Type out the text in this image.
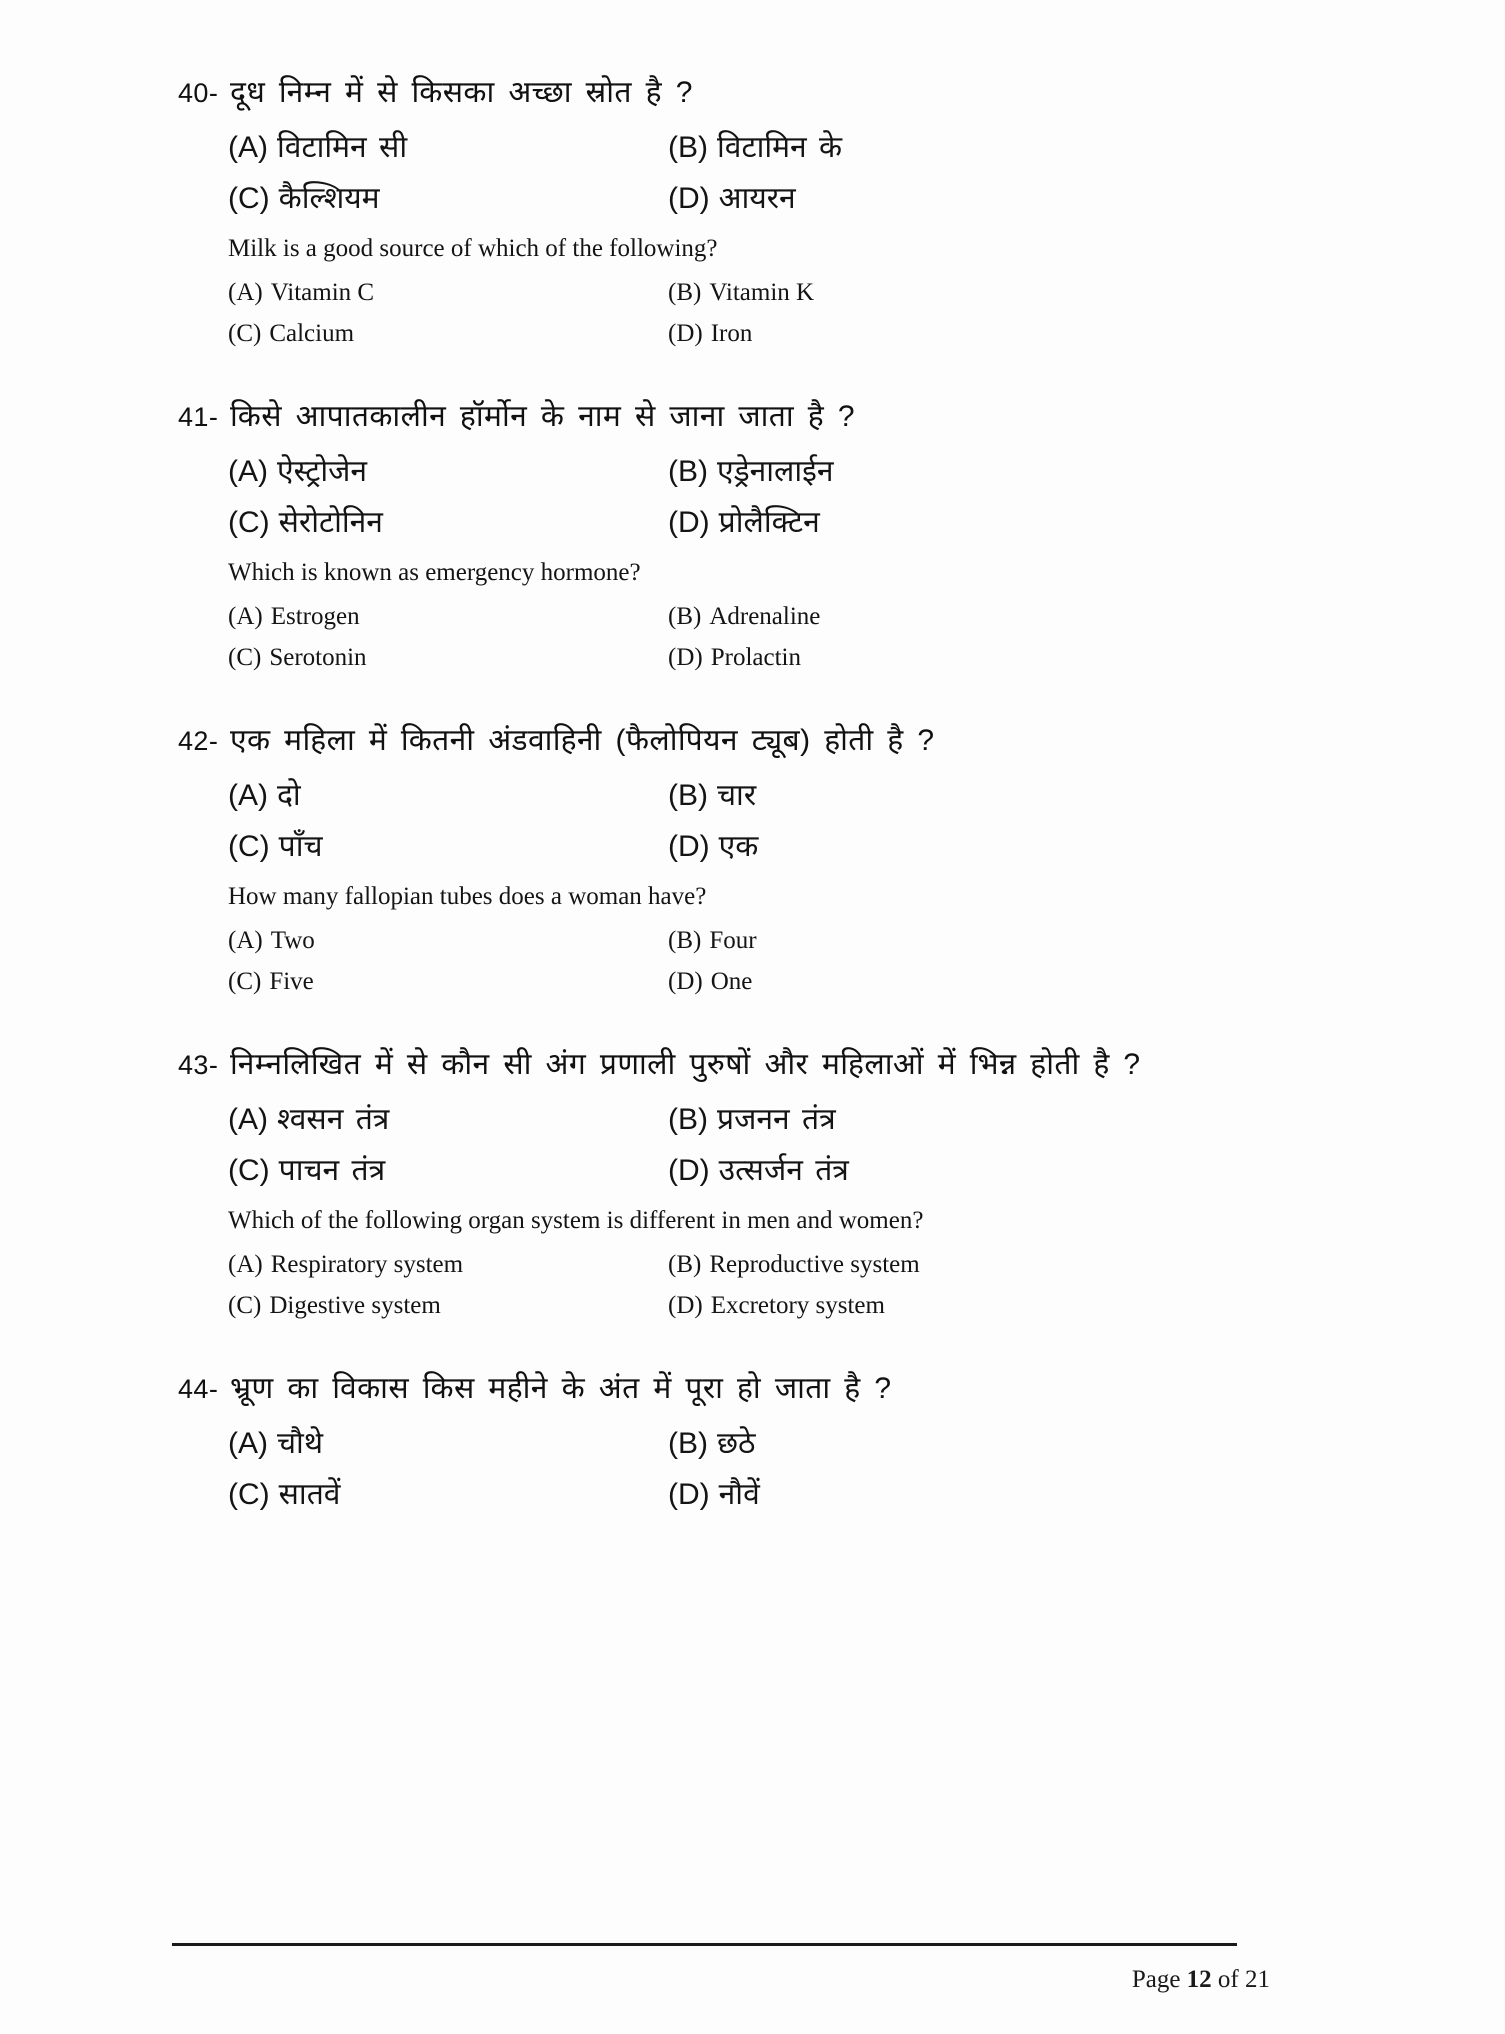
40- दूध निम्न में से किसका अच्छा स्रोत है ?
(A) विटामिन सी	(B) विटामिन के
(C) कैल्शियम	(D) आयरन
Milk is a good source of which of the following?
(A) Vitamin C	(B) Vitamin K
(C) Calcium	(D) Iron
41- किसे आपातकालीन हॉर्मोन के नाम से जाना जाता है ?
(A) ऐस्ट्रोजेन	(B) एड्रेनालाईन
(C) सेरोटोनिन	(D) प्रोलैक्टिन
Which is known as emergency hormone?
(A) Estrogen	(B) Adrenaline
(C) Serotonin	(D) Prolactin
42- एक महिला में कितनी अंडवाहिनी (फैलोपियन ट्यूब) होती है ?
(A) दो	(B) चार
(C) पाँच	(D) एक
How many fallopian tubes does a woman have?
(A) Two	(B) Four
(C) Five	(D) One
43- निम्नलिखित में से कौन सी अंग प्रणाली पुरुषों और महिलाओं में भिन्न होती है ?
(A) श्वसन तंत्र	(B) प्रजनन तंत्र
(C) पाचन तंत्र	(D) उत्सर्जन तंत्र
Which of the following organ system is different in men and women?
(A) Respiratory system	(B) Reproductive system
(C) Digestive system	(D) Excretory system
44- भ्रूण का विकास किस महीने के अंत में पूरा हो जाता है ?
(A) चौथे	(B) छठे
(C) सातवें	(D) नौवें
Page 12 of 21
